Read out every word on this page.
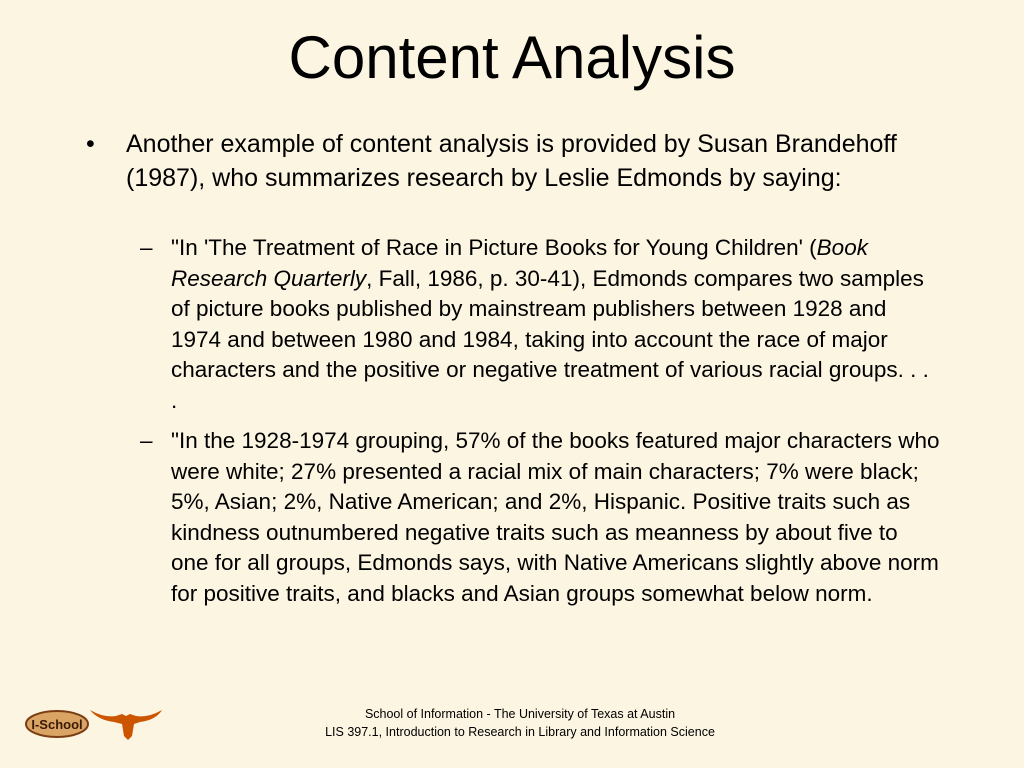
Content Analysis
• Another example of content analysis is provided by Susan Brandehoff (1987), who summarizes research by Leslie Edmonds by saying:
– "In 'The Treatment of Race in Picture Books for Young Children' (Book Research Quarterly, Fall, 1986, p. 30-41), Edmonds compares two samples of picture books published by mainstream publishers between 1928 and 1974 and between 1980 and 1984, taking into account the race of major characters and the positive or negative treatment of various racial groups. . . .
– "In the 1928-1974 grouping, 57% of the books featured major characters who were white; 27% presented a racial mix of main characters; 7% were black; 5%, Asian; 2%, Native American; and 2%, Hispanic. Positive traits such as kindness outnumbered negative traits such as meanness by about five to one for all groups, Edmonds says, with Native Americans slightly above norm for positive traits, and blacks and Asian groups somewhat below norm.
I-School
School of Information - The University of Texas at Austin
LIS 397.1, Introduction to Research in Library and Information Science
